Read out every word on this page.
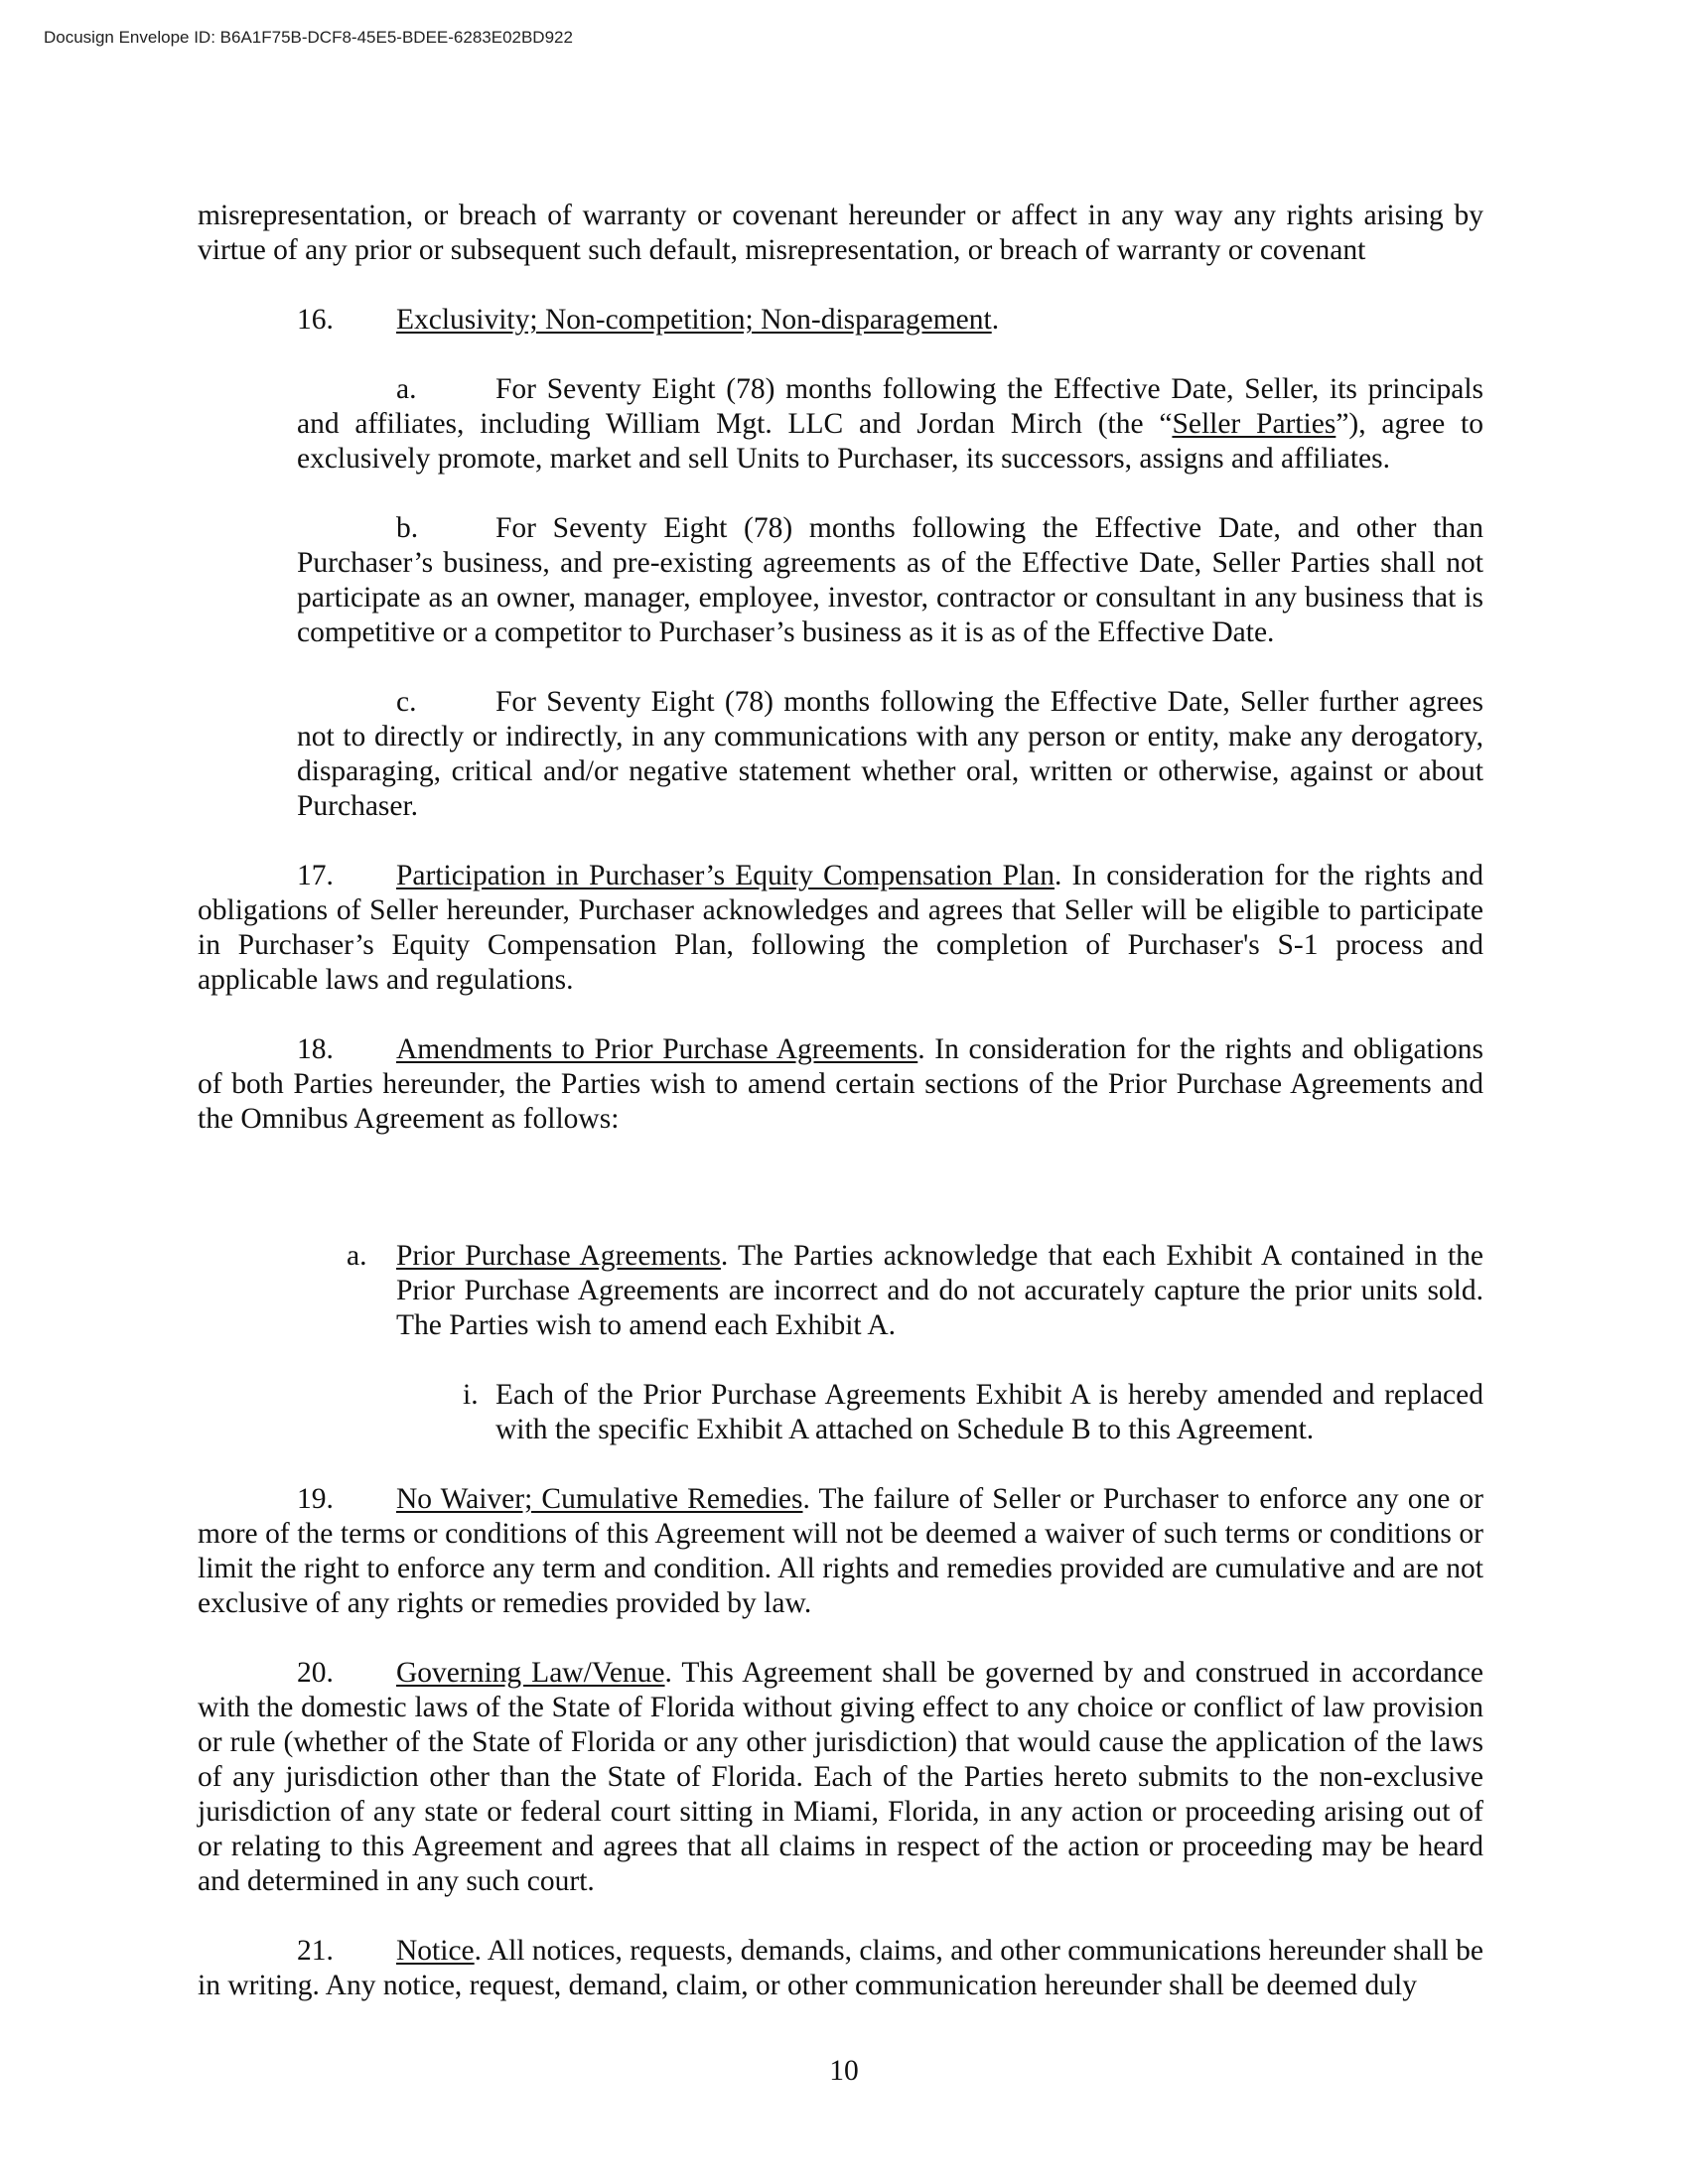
Docusign Envelope ID: B6A1F75B-DCF8-45E5-BDEE-6283E02BD922

misrepresentation, or breach of warranty or covenant hereunder or affect in any way any rights arising by virtue of any prior or subsequent such default, misrepresentation, or breach of warranty or covenant

16. Exclusivity; Non-competition; Non-disparagement.

a.	For Seventy Eight (78) months following the Effective Date, Seller, its principals and affiliates, including William Mgt. LLC and Jordan Mirch (the “Seller Parties”), agree to exclusively promote, market and sell Units to Purchaser, its successors, assigns and affiliates.

b.	For Seventy Eight (78) months following the Effective Date, and other than Purchaser’s business, and pre-existing agreements as of the Effective Date, Seller Parties shall not participate as an owner, manager, employee, investor, contractor or consultant in any business that is competitive or a competitor to Purchaser’s business as it is as of the Effective Date.

c.	For Seventy Eight (78) months following the Effective Date, Seller further agrees not to directly or indirectly, in any communications with any person or entity, make any derogatory, disparaging, critical and/or negative statement whether oral, written or otherwise, against or about Purchaser.

17. Participation in Purchaser’s Equity Compensation Plan. In consideration for the rights and obligations of Seller hereunder, Purchaser acknowledges and agrees that Seller will be eligible to participate in Purchaser’s Equity Compensation Plan, following the completion of Purchaser's S-1 process and applicable laws and regulations.

18. Amendments to Prior Purchase Agreements. In consideration for the rights and obligations of both Parties hereunder, the Parties wish to amend certain sections of the Prior Purchase Agreements and the Omnibus Agreement as follows:

a. Prior Purchase Agreements. The Parties acknowledge that each Exhibit A contained in the Prior Purchase Agreements are incorrect and do not accurately capture the prior units sold. The Parties wish to amend each Exhibit A.

i. Each of the Prior Purchase Agreements Exhibit A is hereby amended and replaced with the specific Exhibit A attached on Schedule B to this Agreement.

19. No Waiver; Cumulative Remedies. The failure of Seller or Purchaser to enforce any one or more of the terms or conditions of this Agreement will not be deemed a waiver of such terms or conditions or limit the right to enforce any term and condition. All rights and remedies provided are cumulative and are not exclusive of any rights or remedies provided by law.

20. Governing Law/Venue. This Agreement shall be governed by and construed in accordance with the domestic laws of the State of Florida without giving effect to any choice or conflict of law provision or rule (whether of the State of Florida or any other jurisdiction) that would cause the application of the laws of any jurisdiction other than the State of Florida. Each of the Parties hereto submits to the non-exclusive jurisdiction of any state or federal court sitting in Miami, Florida, in any action or proceeding arising out of or relating to this Agreement and agrees that all claims in respect of the action or proceeding may be heard and determined in any such court.

21. Notice. All notices, requests, demands, claims, and other communications hereunder shall be in writing. Any notice, request, demand, claim, or other communication hereunder shall be deemed duly

10
